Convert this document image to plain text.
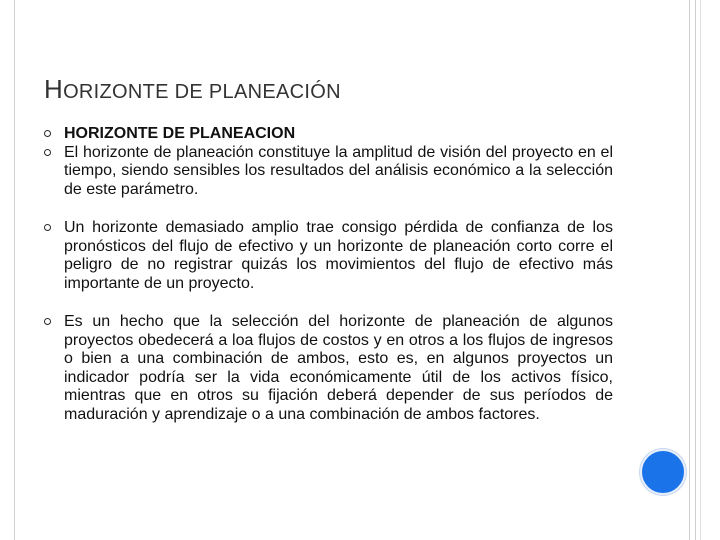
HORIZONTE DE PLANEACIÓN
HORIZONTE DE PLANEACION
El horizonte de planeación constituye la amplitud de visión del proyecto en el tiempo, siendo sensibles los resultados del análisis económico a la selección de este parámetro.
Un horizonte demasiado amplio trae consigo pérdida de confianza de los pronósticos del flujo de efectivo y un horizonte de planeación corto corre el peligro de no registrar quizás los movimientos del flujo de efectivo más importante de un proyecto.
Es un hecho que la selección del horizonte de planeación de algunos proyectos obedecerá a loa flujos de costos y en otros a los flujos de ingresos o bien a una combinación de ambos, esto es, en algunos proyectos un indicador podría ser la vida económicamente útil de los activos físico, mientras que en otros su fijación deberá depender de sus períodos de maduración y aprendizaje o a una combinación de ambos factores.
